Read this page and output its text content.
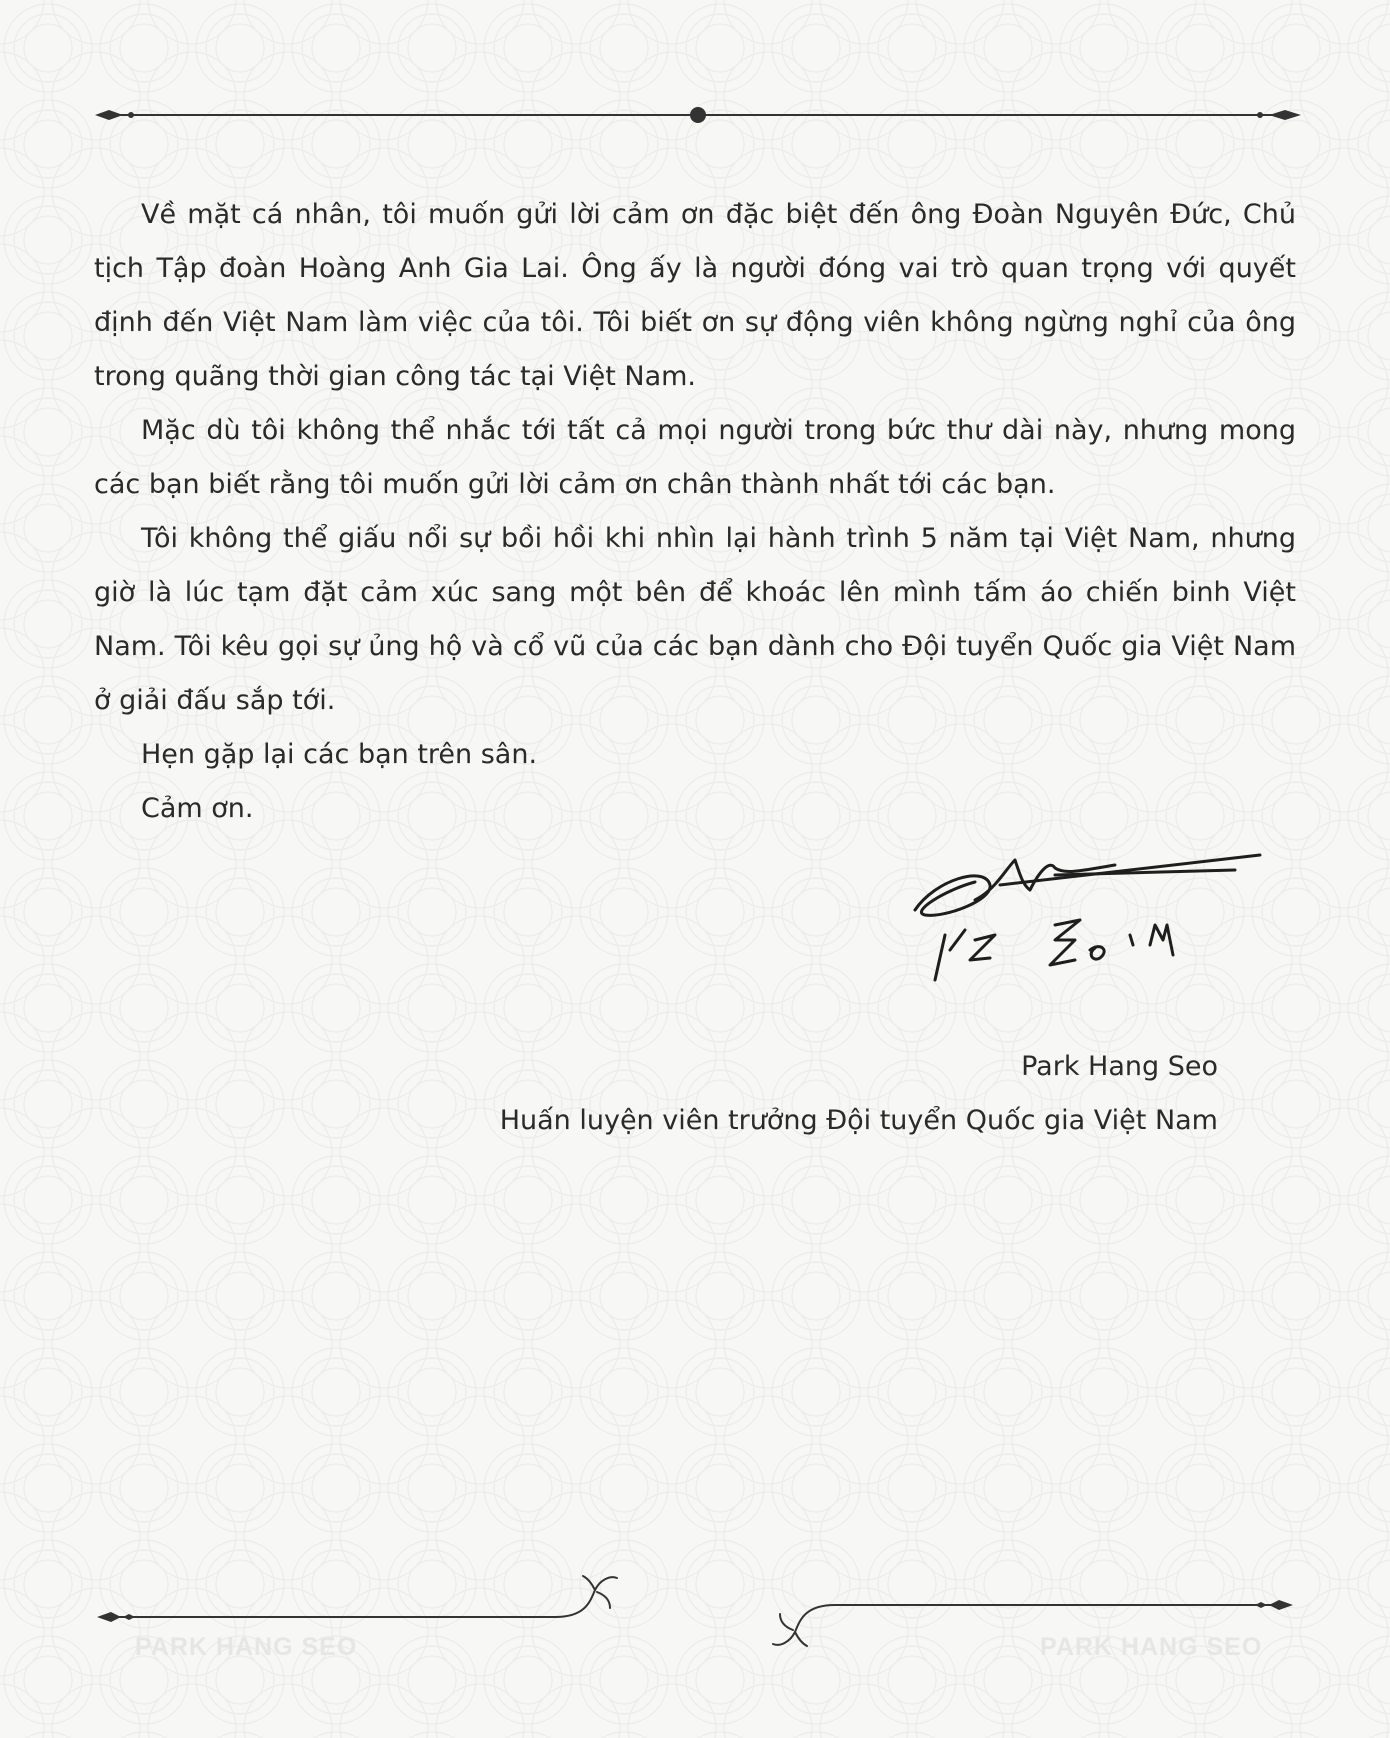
Về mặt cá nhân, tôi muốn gửi lời cảm ơn đặc biệt đến ông Đoàn Nguyên Đức, Chủ tịch Tập đoàn Hoàng Anh Gia Lai. Ông ấy là người đóng vai trò quan trọng với quyết định đến Việt Nam làm việc của tôi. Tôi biết ơn sự động viên không ngừng nghỉ của ông trong quãng thời gian công tác tại Việt Nam.

Mặc dù tôi không thể nhắc tới tất cả mọi người trong bức thư dài này, nhưng mong các bạn biết rằng tôi muốn gửi lời cảm ơn chân thành nhất tới các bạn.

Tôi không thể giấu nổi sự bồi hồi khi nhìn lại hành trình 5 năm tại Việt Nam, nhưng giờ là lúc tạm đặt cảm xúc sang một bên để khoác lên mình tấm áo chiến binh Việt Nam. Tôi kêu gọi sự ủng hộ và cổ vũ của các bạn dành cho Đội tuyển Quốc gia Việt Nam ở giải đấu sắp tới.

Hẹn gặp lại các bạn trên sân.

Cảm ơn.

Park Hang Seo
Huấn luyện viên trưởng Đội tuyển Quốc gia Việt Nam
PARK HANG SEO	PARK HANG SEO
